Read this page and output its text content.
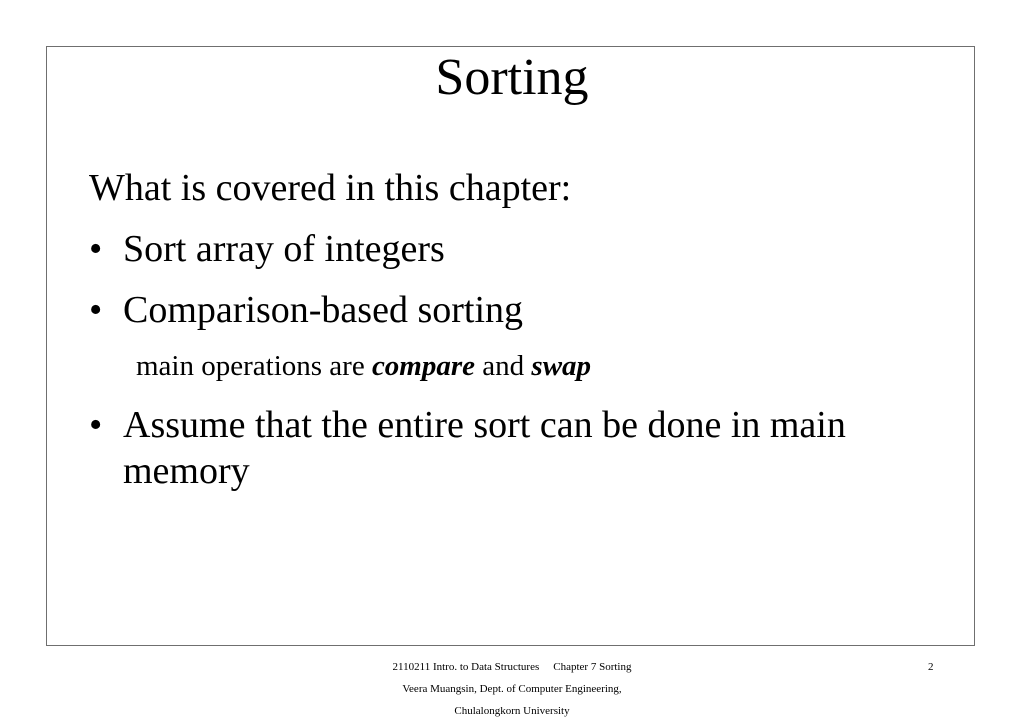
Sorting
What is covered in this chapter:
• Sort array of integers
• Comparison-based sorting
main operations are compare and swap
• Assume that the entire sort can be done in main memory
2110211 Intro. to Data Structures Chapter 7 Sorting
Veera Muangsin, Dept. of Computer Engineering,
Chulalongkorn University
2
